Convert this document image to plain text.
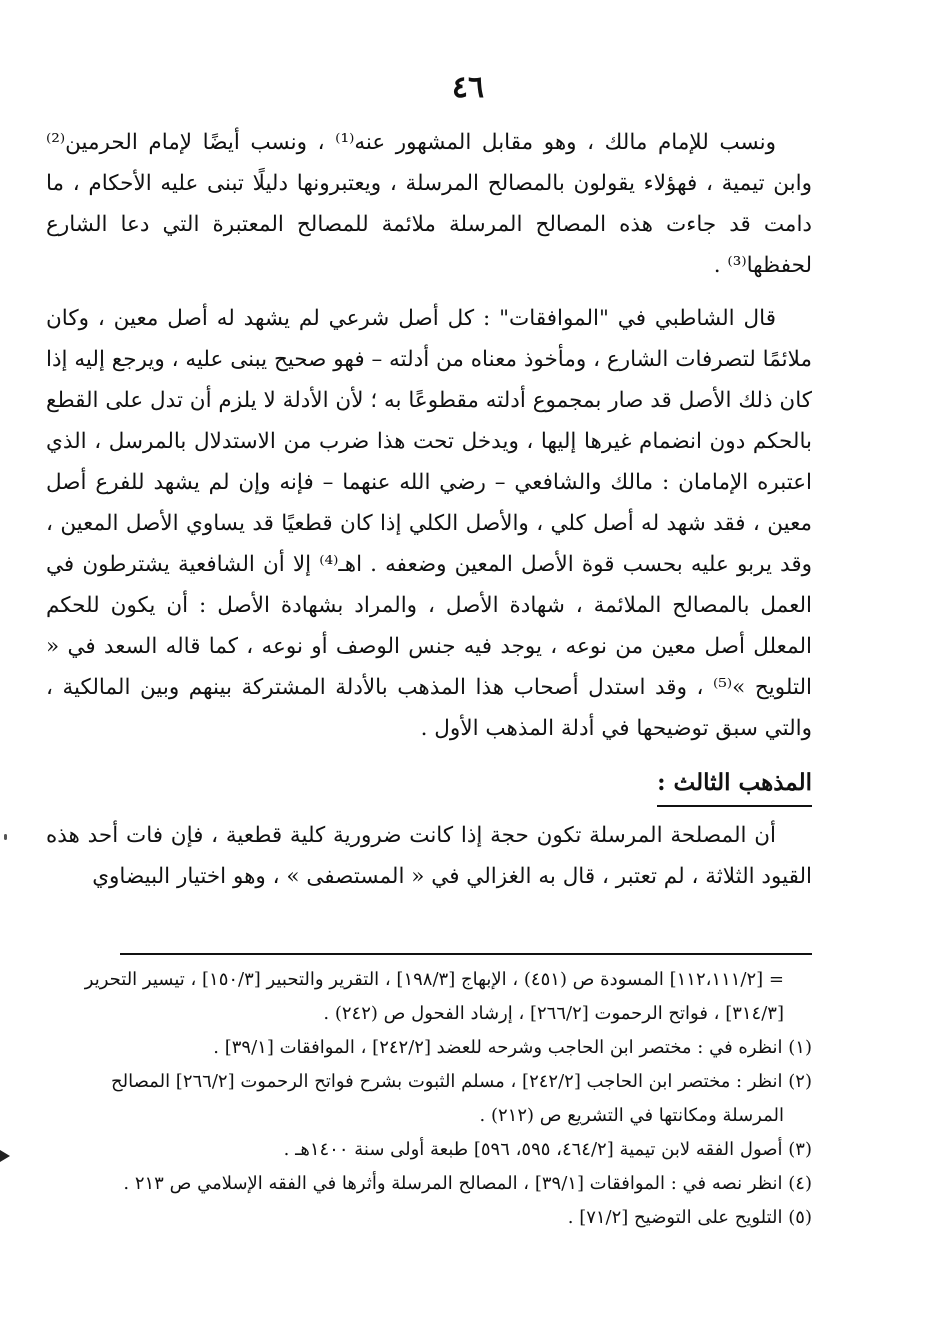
٤٦

ونسب للإمام مالك ، وهو مقابل المشهور عنه⁽¹⁾ ، ونسب أيضًا لإمام الحرمين⁽²⁾ وابن تيمية ، فهؤلاء يقولون بالمصالح المرسلة ، ويعتبرونها دليلًا تبنى عليه الأحكام ، ما دامت قد جاءت هذه المصالح المرسلة ملائمة للمصالح المعتبرة التي دعا الشارع لحفظها⁽³⁾ .

قال الشاطبي في "الموافقات" : كل أصل شرعي لم يشهد له أصل معين ، وكان ملائمًا لتصرفات الشارع ، ومأخوذ معناه من أدلته – فهو صحيح يبنى عليه ، ويرجع إليه إذا كان ذلك الأصل قد صار بمجموع أدلته مقطوعًا به ؛ لأن الأدلة لا يلزم أن تدل على القطع بالحكم دون انضمام غيرها إليها ، ويدخل تحت هذا ضرب من الاستدلال بالمرسل ، الذي اعتبره الإمامان : مالك والشافعي – رضي الله عنهما – فإنه وإن لم يشهد للفرع أصل معين ، فقد شهد له أصل كلي ، والأصل الكلي إذا كان قطعيًا قد يساوي الأصل المعين ، وقد يربو عليه بحسب قوة الأصل المعين وضعفه . اهـ⁽⁴⁾ إلا أن الشافعية يشترطون في العمل بالمصالح الملائمة ، شهادة الأصل ، والمراد بشهادة الأصل : أن يكون للحكم المعلل أصل معين من نوعه ، يوجد فيه جنس الوصف أو نوعه ، كما قاله السعد في « التلويح »⁽⁵⁾ ، وقد استدل أصحاب هذا المذهب بالأدلة المشتركة بينهم وبين المالكية ، والتي سبق توضيحها في أدلة المذهب الأول .

المذهب الثالث :

أن المصلحة المرسلة تكون حجة إذا كانت ضرورية كلية قطعية ، فإن فات أحد هذه القيود الثلاثة ، لم تعتبر ، قال به الغزالي في « المستصفى » ، وهو اختيار البيضاوي

= [١١٢،١١١/٢] المسودة ص (٤٥١) ، الإبهاج [١٩٨/٣] ، التقرير والتحبير [١٥٠/٣] ، تيسير التحرير [٣١٤/٣] ، فواتح الرحموت [٢٦٦/٢] ، إرشاد الفحول ص (٢٤٢) .

(١) انظره في : مختصر ابن الحاجب وشرحه للعضد [٢٤٢/٢] ، الموافقات [٣٩/١] .

(٢) انظر : مختصر ابن الحاجب [٢٤٢/٢] ، مسلم الثبوت بشرح فواتح الرحموت [٢٦٦/٢] المصالح المرسلة ومكانتها في التشريع ص (٢١٢) .

(٣) أصول الفقه لابن تيمية [٤٦٤/٢، ٥٩٥، ٥٩٦] طبعة أولى سنة ١٤٠٠هـ .

(٤) انظر نصه في : الموافقات [٣٩/١] ، المصالح المرسلة وأثرها في الفقه الإسلامي ص ٢١٣ .

(٥) التلويح على التوضيح [٧١/٢] .
